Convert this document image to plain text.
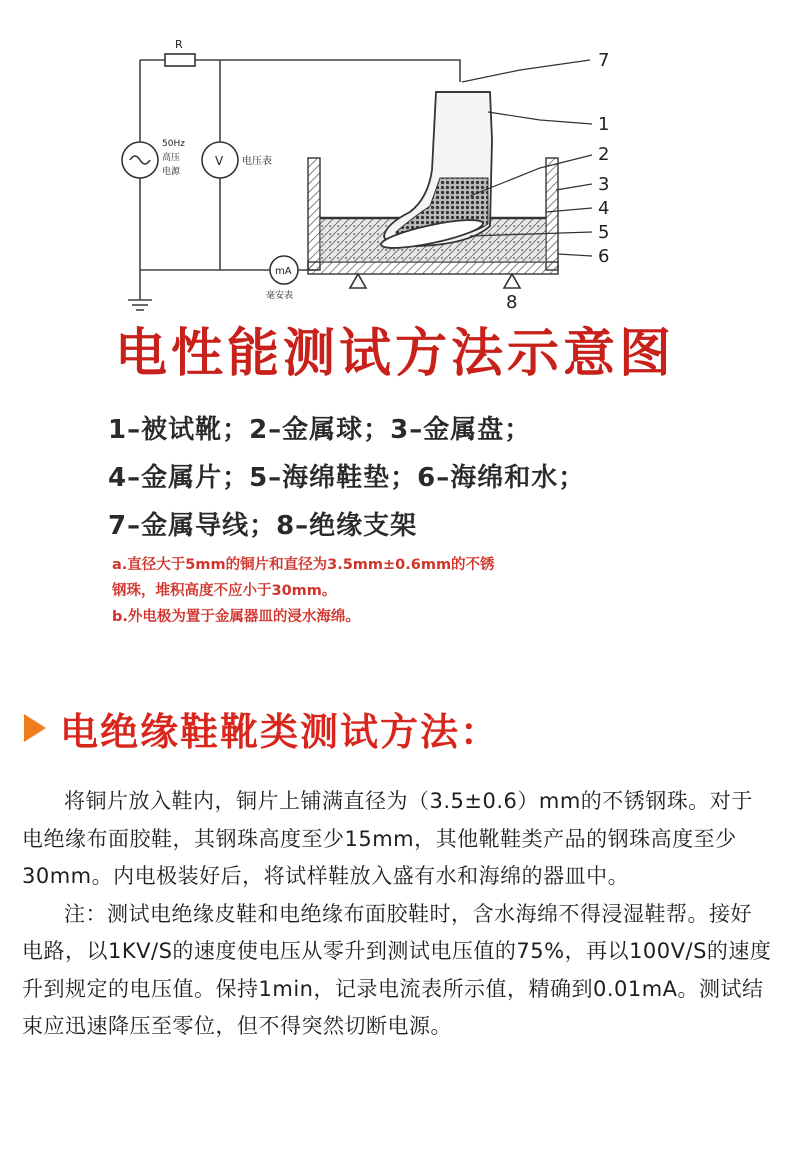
R
50Hz
高压
电源
V 电压表
mA
毫安表
7
1
2
3
4
5
6
8
电性能测试方法示意图
1–被试靴；2–金属球；3–金属盘；
4–金属片；5–海绵鞋垫；6–海绵和水；
7–金属导线；8–绝缘支架
a.直径大于5mm的铜片和直径为3.5mm±0.6mm的不锈
钢珠，堆积高度不应小于30mm。
b.外电极为置于金属器皿的浸水海绵。
电绝缘鞋靴类测试方法：

将铜片放入鞋内，铜片上铺满直径为（3.5±0.6）mm的不锈钢珠。对于电绝缘布面胶鞋，其钢珠高度至少15mm，其他靴鞋类产品的钢珠高度至少30mm。内电极装好后，将试样鞋放入盛有水和海绵的器皿中。

注：测试电绝缘皮鞋和电绝缘布面胶鞋时，含水海绵不得浸湿鞋帮。接好电路，以1KV/S的速度使电压从零升到测试电压值的75%，再以100V/S的速度升到规定的电压值。保持1min，记录电流表所示值，精确到0.01mA。测试结束应迅速降压至零位，但不得突然切断电源。
